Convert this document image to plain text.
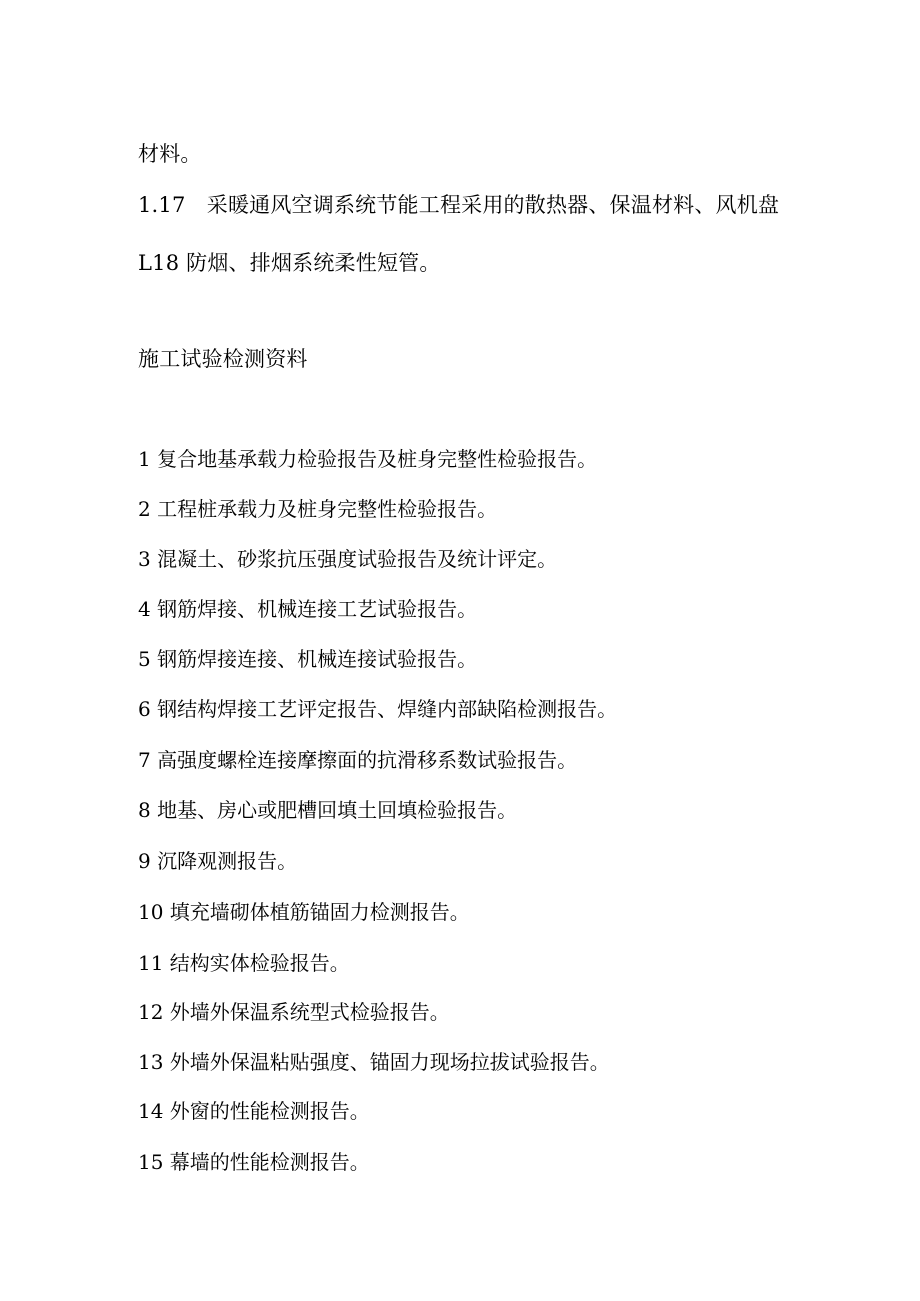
材料。
1.17　采暖通风空调系统节能工程采用的散热器、保温材料、风机盘
L18 防烟、排烟系统柔性短管。
施工试验检测资料
1 复合地基承载力检验报告及桩身完整性检验报告。
2 工程桩承载力及桩身完整性检验报告。
3 混凝土、砂浆抗压强度试验报告及统计评定。
4 钢筋焊接、机械连接工艺试验报告。
5 钢筋焊接连接、机械连接试验报告。
6 钢结构焊接工艺评定报告、焊缝内部缺陷检测报告。
7 高强度螺栓连接摩擦面的抗滑移系数试验报告。
8 地基、房心或肥槽回填土回填检验报告。
9 沉降观测报告。
10 填充墙砌体植筋锚固力检测报告。
11 结构实体检验报告。
12 外墙外保温系统型式检验报告。
13 外墙外保温粘贴强度、锚固力现场拉拔试验报告。
14 外窗的性能检测报告。
15 幕墙的性能检测报告。
